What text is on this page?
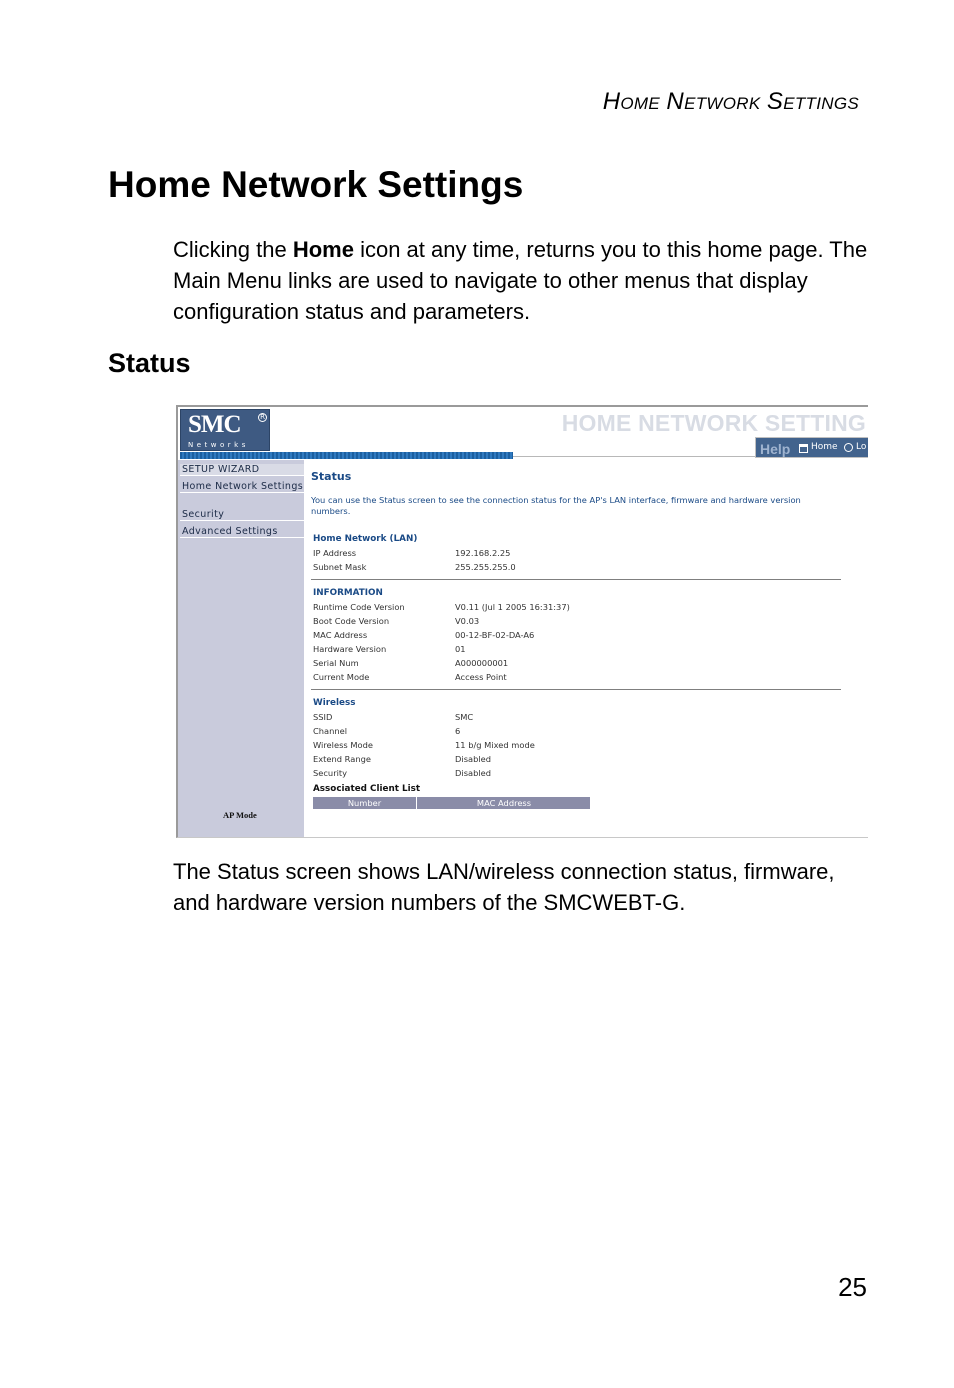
HOME NETWORK SETTINGS
Home Network Settings

Clicking the Home icon at any time, returns you to this home page. The Main Menu links are used to navigate to other menus that display configuration status and parameters.

Status
SMC	R
Networks
HOME NETWORK SETTING
Help Home Lo
SETUP WIZARD
Home Network Settings
Security
Advanced Settings
AP Mode
Status
You can use the Status screen to see the connection status for the AP's LAN interface, firmware and hardware version numbers.
Home Network (LAN)
IP Address	192.168.2.25
Subnet Mask	255.255.255.0
INFORMATION
Runtime Code Version	V0.11 (Jul 1 2005 16:31:37)
Boot Code Version	V0.03
MAC Address	00-12-BF-02-DA-A6
Hardware Version	01
Serial Num	A000000001
Current Mode	Access Point
Wireless
SSID	SMC
Channel	6
Wireless Mode	11 b/g Mixed mode
Extend Range	Disabled
Security	Disabled
Associated Client List
Number	MAC Address

The Status screen shows LAN/wireless connection status, firmware, and hardware version numbers of the SMCWEBT-G.

25
